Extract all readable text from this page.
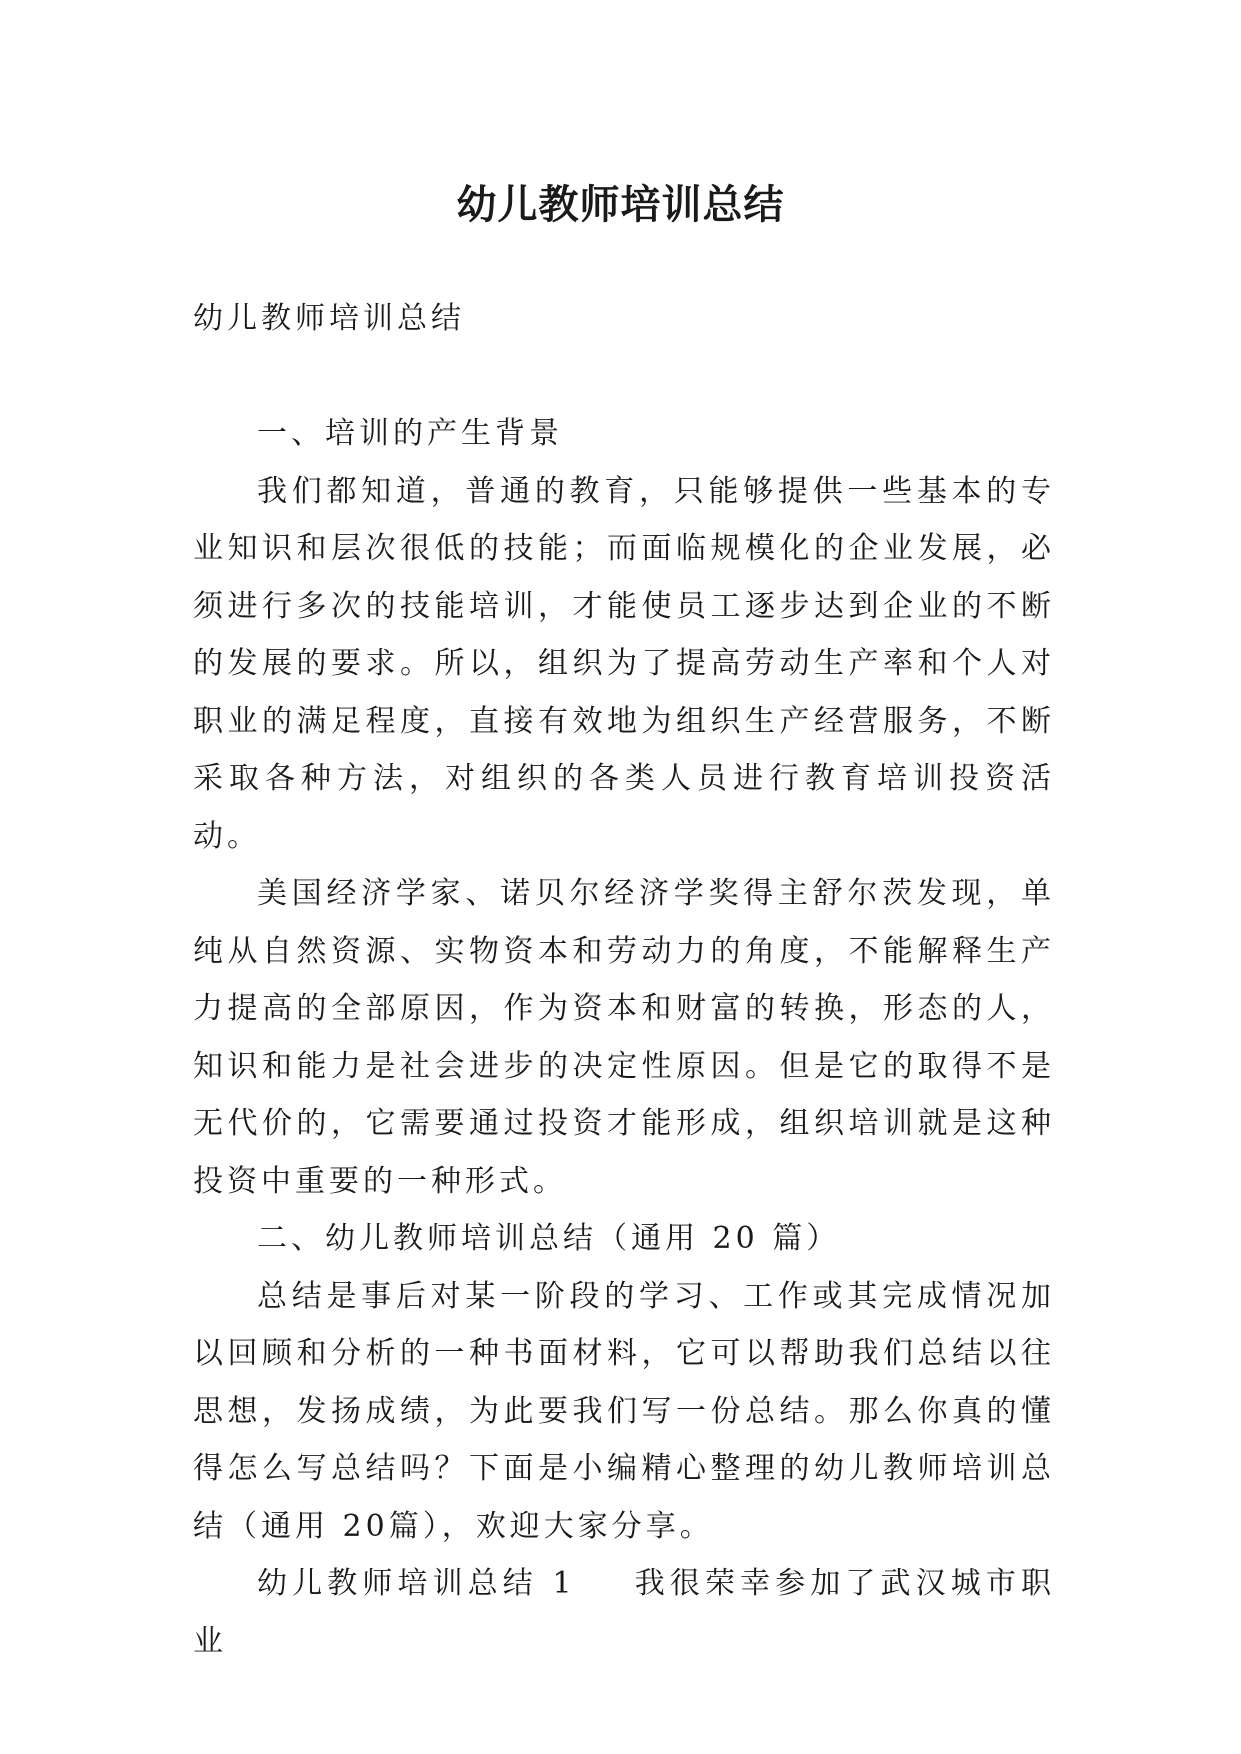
幼儿教师培训总结

幼儿教师培训总结

一、培训的产生背景

我们都知道，普通的教育，只能够提供一些基本的专业知识和层次很低的技能；而面临规模化的企业发展，必须进行多次的技能培训，才能使员工逐步达到企业的不断的发展的要求。所以，组织为了提高劳动生产率和个人对职业的满足程度，直接有效地为组织生产经营服务，不断采取各种方法，对组织的各类人员进行教育培训投资活动。

美国经济学家、诺贝尔经济学奖得主舒尔茨发现，单纯从自然资源、实物资本和劳动力的角度，不能解释生产力提高的全部原因，作为资本和财富的转换，形态的人，知识和能力是社会进步的决定性原因。但是它的取得不是无代价的，它需要通过投资才能形成，组织培训就是这种投资中重要的一种形式。

二、幼儿教师培训总结（通用 20 篇）

总结是事后对某一阶段的学习、工作或其完成情况加以回顾和分析的一种书面材料，它可以帮助我们总结以往思想，发扬成绩，为此要我们写一份总结。那么你真的懂得怎么写总结吗？下面是小编精心整理的幼儿教师培训总结（通用 20篇），欢迎大家分享。

幼儿教师培训总结 1 我很荣幸参加了武汉城市职业
